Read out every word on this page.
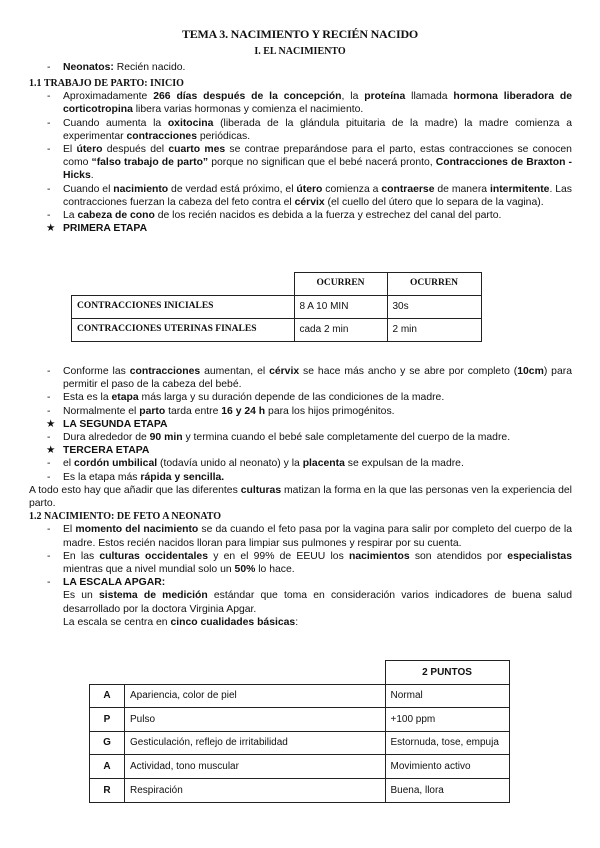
TEMA 3. NACIMIENTO Y RECIÉN NACIDO
I. EL NACIMIENTO
- Neonatos: Recién nacido.
1.1 TRABAJO DE PARTO: INICIO
- Aproximadamente 266 días después de la concepción, la proteína llamada hormona liberadora de corticotropina libera varias hormonas y comienza el nacimiento.
- Cuando aumenta la oxitocina (liberada de la glándula pituitaria de la madre) la madre comienza a experimentar contracciones periódicas.
- El útero después del cuarto mes se contrae preparándose para el parto, estas contracciones se conocen como “falso trabajo de parto” porque no significan que el bebé nacerá pronto, Contracciones de Braxton -Hicks.
- Cuando el nacimiento de verdad está próximo, el útero comienza a contraerse de manera intermitente. Las contracciones fuerzan la cabeza del feto contra el cérvix (el cuello del útero que lo separa de la vagina).
- La cabeza de cono de los recién nacidos es debida a la fuerza y estrechez del canal del parto.
★ PRIMERA ETAPA
	OCURREN	OCURREN
CONTRACCIONES INICIALES	8 A 10 MIN	30s
CONTRACCIONES UTERINAS FINALES	cada 2 min	2 min
- Conforme las contracciones aumentan, el cérvix se hace más ancho y se abre por completo (10cm) para permitir el paso de la cabeza del bebé.
- Esta es la etapa más larga y su duración depende de las condiciones de la madre.
- Normalmente el parto tarda entre 16 y 24 h para los hijos primogénitos.
★ LA SEGUNDA ETAPA
- Dura alrededor de 90 min y termina cuando el bebé sale completamente del cuerpo de la madre.
★ TERCERA ETAPA
- el cordón umbilical (todavía unido al neonato) y la placenta se expulsan de la madre.
- Es la etapa más rápida y sencilla.
A todo esto hay que añadir que las diferentes culturas matizan la forma en la que las personas ven la experiencia del parto.
1.2 NACIMIENTO: DE FETO A NEONATO
- El momento del nacimiento se da cuando el feto pasa por la vagina para salir por completo del cuerpo de la madre. Estos recién nacidos lloran para limpiar sus pulmones y respirar por su cuenta.
- En las culturas occidentales y en el 99% de EEUU los nacimientos son atendidos por especialistas mientras que a nivel mundial solo un 50% lo hace.
- LA ESCALA APGAR:
Es un sistema de medición estándar que toma en consideración varios indicadores de buena salud desarrollado por la doctora Virginia Apgar.
La escala se centra en cinco cualidades básicas:
		2 PUNTOS
A	Apariencia, color de piel	Normal
P	Pulso	+100 ppm
G	Gesticulación, reflejo de irritabilidad	Estornuda, tose, empuja
A	Actividad, tono muscular	Movimiento activo
R	Respiración	Buena, llora
